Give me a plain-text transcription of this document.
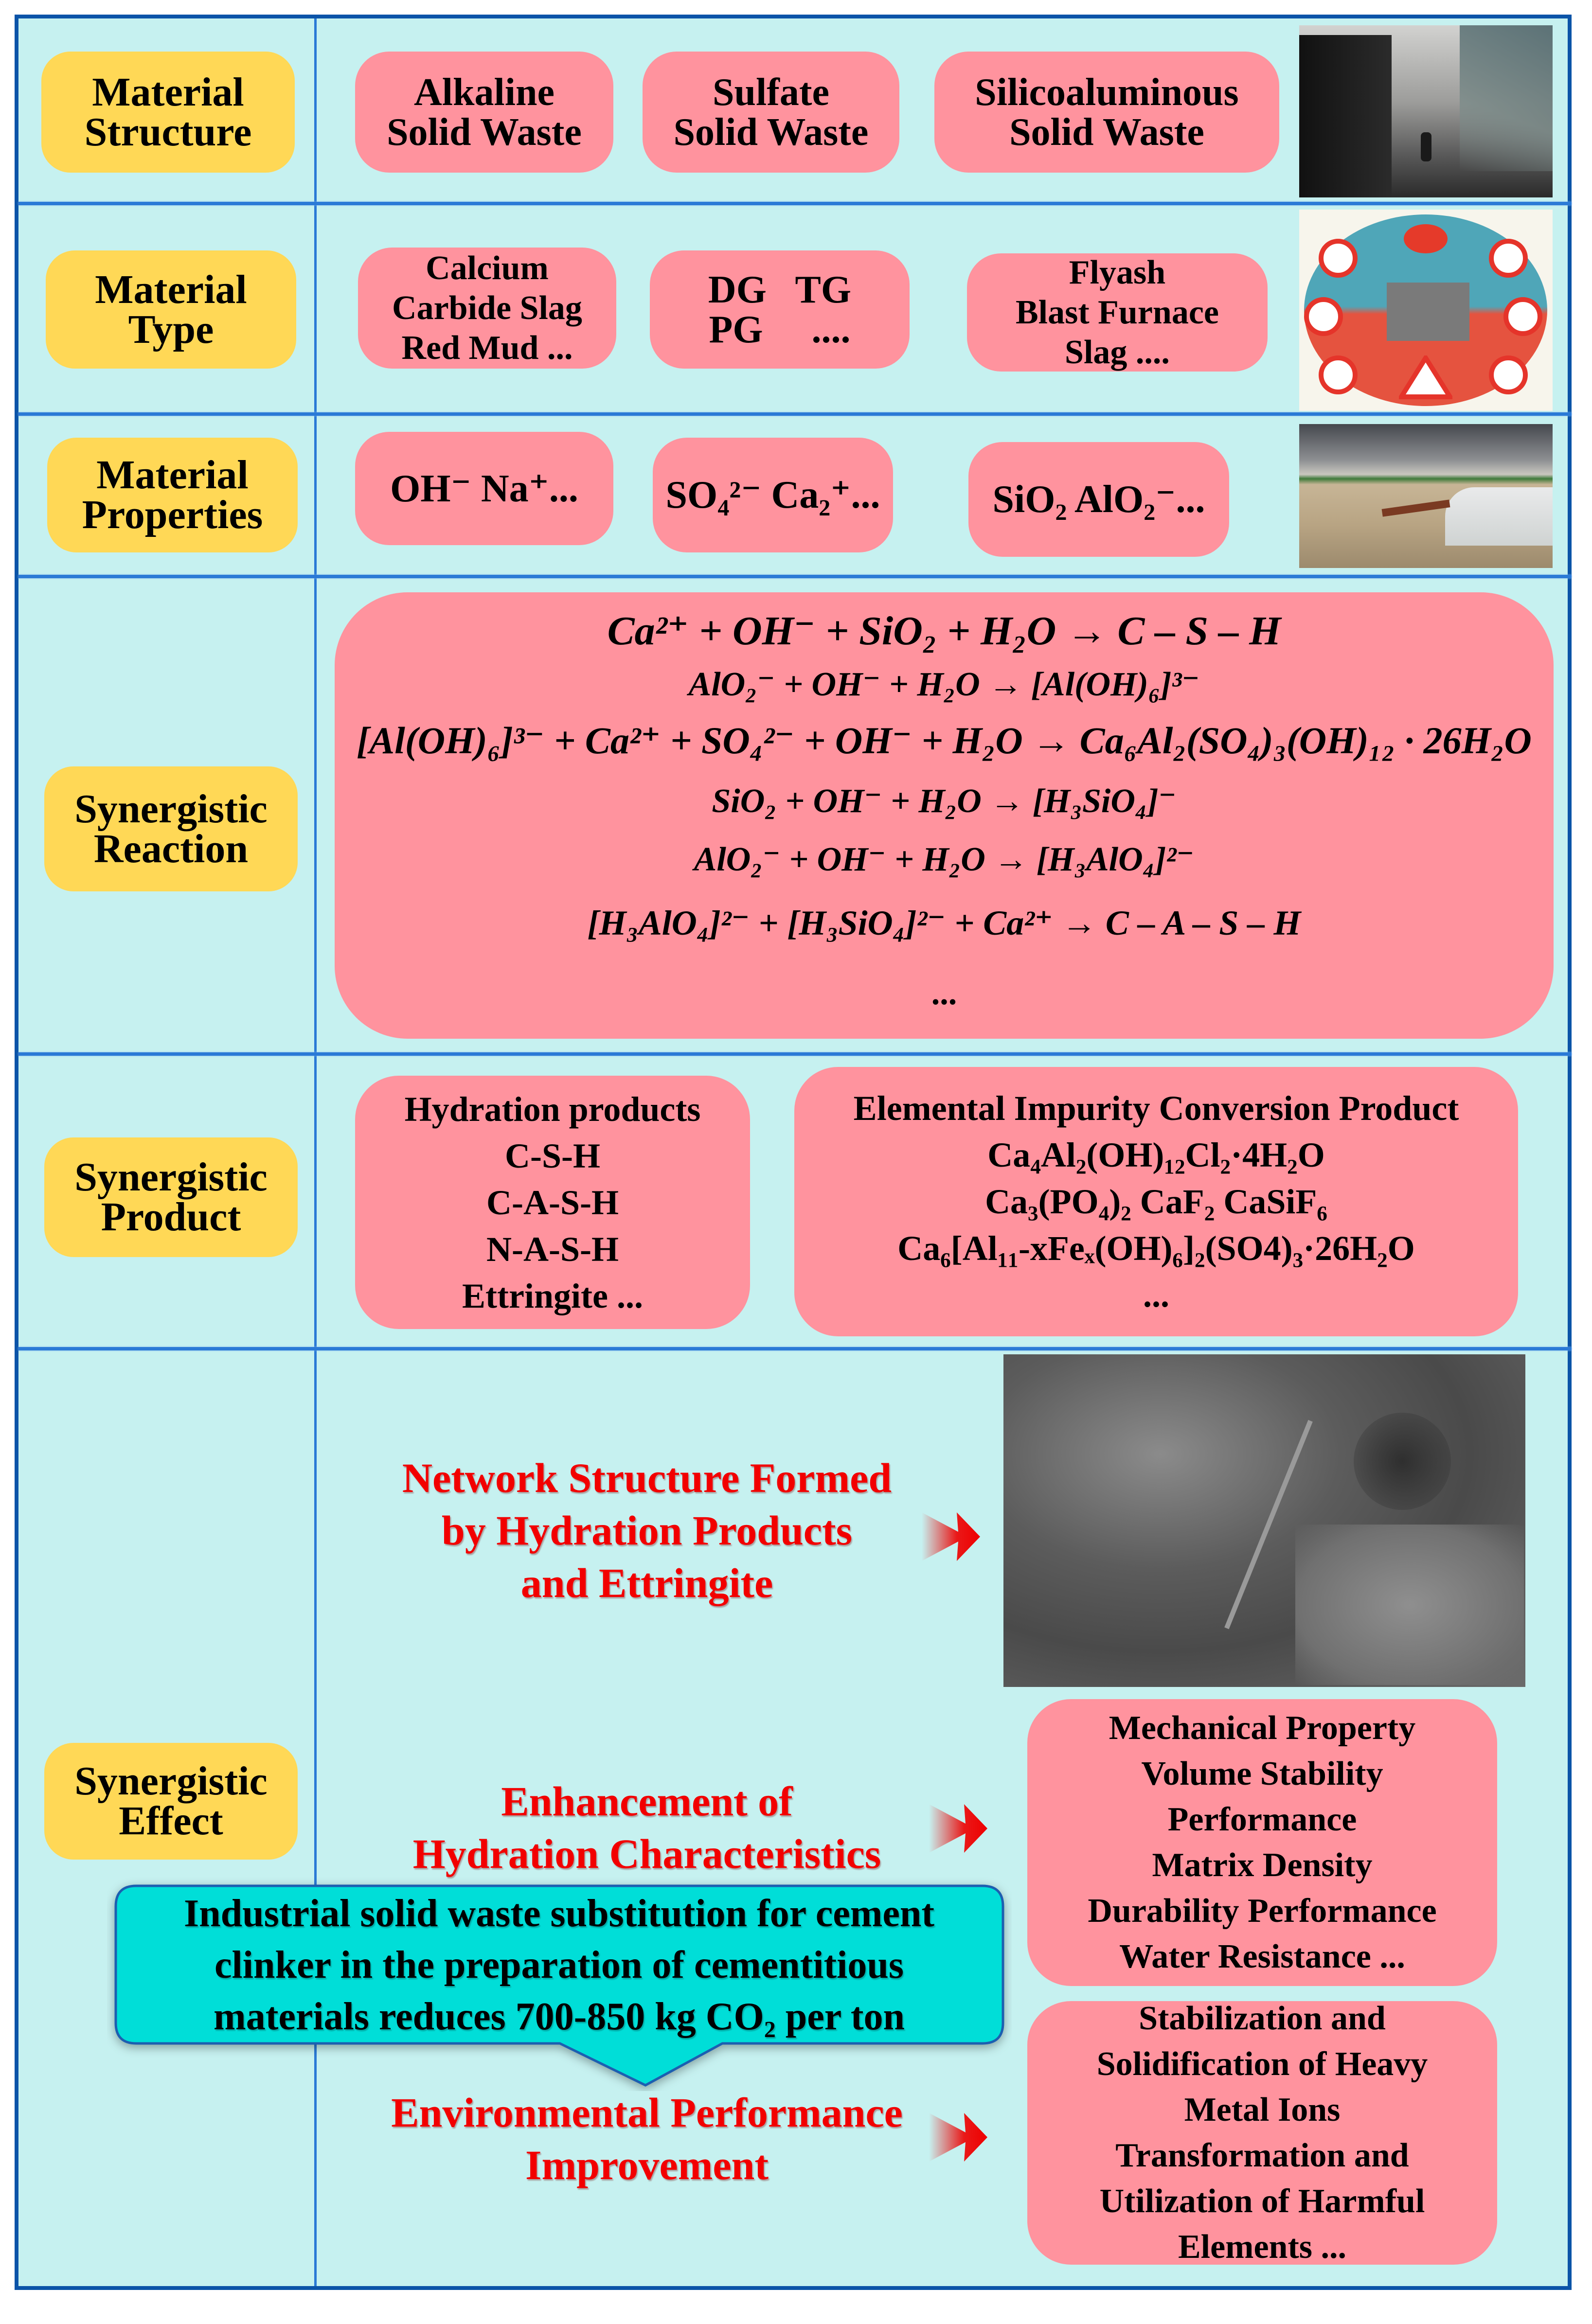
Material
Structure
Alkaline
Solid Waste
Sulfate
Solid Waste
Silicoaluminous
Solid Waste
Material
Type
Calcium
Carbide Slag
Red Mud ...
DG   TG
PG     ....
Flyash
Blast Furnace
Slag ....
Material
Properties
OH⁻ Na⁺... SO₄²⁻ Ca₂⁺...	SiO₂ AlO₂⁻...
Synergistic
Reaction
Ca²⁺ + OH⁻ + SiO₂ + H₂O → C – S – H
AlO₂⁻ + OH⁻ + H₂O → [Al(OH)₆]³⁻
[Al(OH)₆]³⁻ + Ca²⁺ + SO₄²⁻ + OH⁻ + H₂O → Ca₆Al₂(SO₄)₃(OH)₁₂ · 26H₂O
SiO₂ + OH⁻ + H₂O → [H₃SiO₄]⁻
AlO₂⁻ + OH⁻ + H₂O → [H₃AlO₄]²⁻
[H₃AlO₄]²⁻ + [H₃SiO₄]²⁻ + Ca²⁺ → C – A – S – H
...
Synergistic
Product
Hydration products
C-S-H
C-A-S-H
N-A-S-H
Ettringite ...
Elemental Impurity Conversion Product
Ca₄Al₂(OH)₁₂Cl₂·4H₂O
Ca₃(PO₄)₂ CaF₂ CaSiF₆
Ca₆[Al₁₁-xFeₓ(OH)₆]₂(SO4)₃·26H₂O
...
Synergistic
Effect
Network Structure Formed
by Hydration Products
and Ettringite
Enhancement of
Hydration Characteristics
Mechanical Property
Volume Stability
Performance
Matrix Density
Durability Performance
Water Resistance ...
Industrial solid waste substitution for cement
clinker in the preparation of cementitious
materials reduces 700-850 kg CO₂ per ton
Environmental Performance
Improvement
Stabilization and
Solidification of Heavy
Metal Ions
Transformation and
Utilization of Harmful
Elements ...
